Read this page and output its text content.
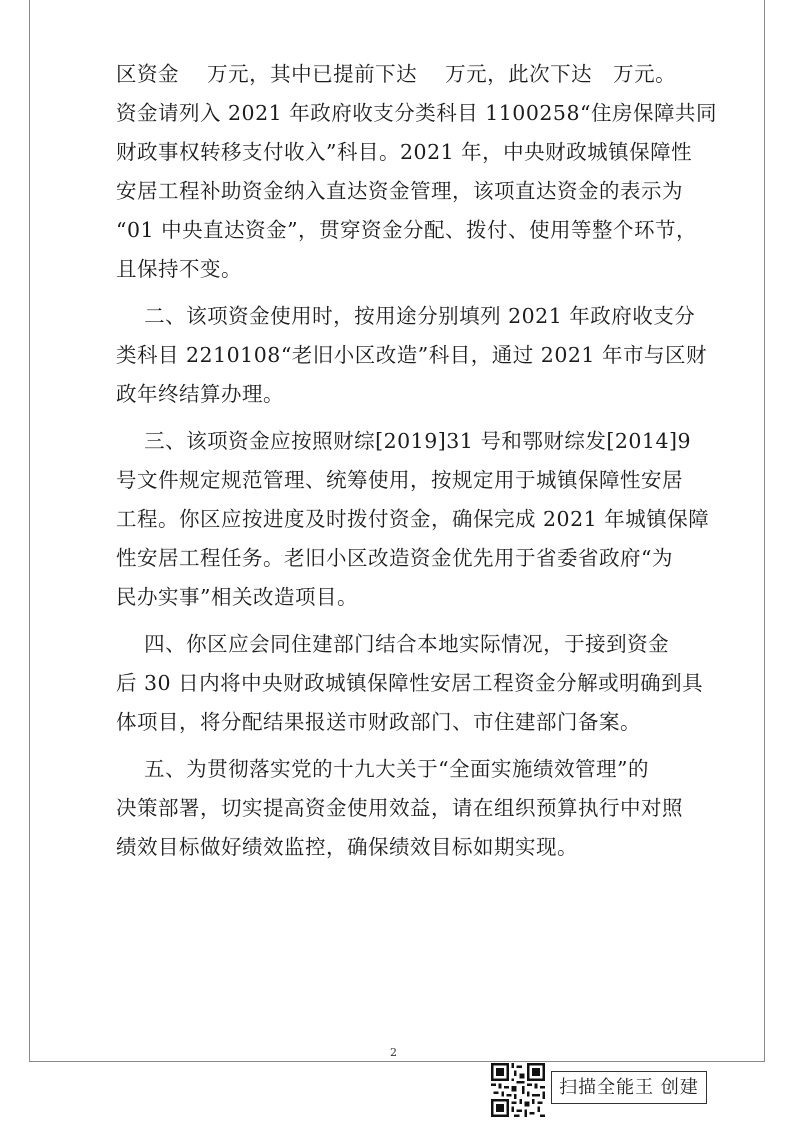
区资金    万元，其中已提前下达    万元，此次下达   万元。
资金请列入 2021 年政府收支分类科目 1100258“住房保障共同
财政事权转移支付收入”科目。2021 年，中央财政城镇保障性
安居工程补助资金纳入直达资金管理，该项直达资金的表示为
“01 中央直达资金”，贯穿资金分配、拨付、使用等整个环节，
且保持不变。
二、该项资金使用时，按用途分别填列 2021 年政府收支分
类科目 2210108“老旧小区改造”科目，通过 2021 年市与区财
政年终结算办理。
三、该项资金应按照财综[2019]31 号和鄂财综发[2014]9
号文件规定规范管理、统筹使用，按规定用于城镇保障性安居
工程。你区应按进度及时拨付资金，确保完成 2021 年城镇保障
性安居工程任务。老旧小区改造资金优先用于省委省政府“为
民办实事”相关改造项目。
四、你区应会同住建部门结合本地实际情况，于接到资金
后 30 日内将中央财政城镇保障性安居工程资金分解或明确到具
体项目，将分配结果报送市财政部门、市住建部门备案。
五、为贯彻落实党的十九大关于“全面实施绩效管理”的
决策部署，切实提高资金使用效益，请在组织预算执行中对照
绩效目标做好绩效监控，确保绩效目标如期实现。
2
扫描全能王 创建
